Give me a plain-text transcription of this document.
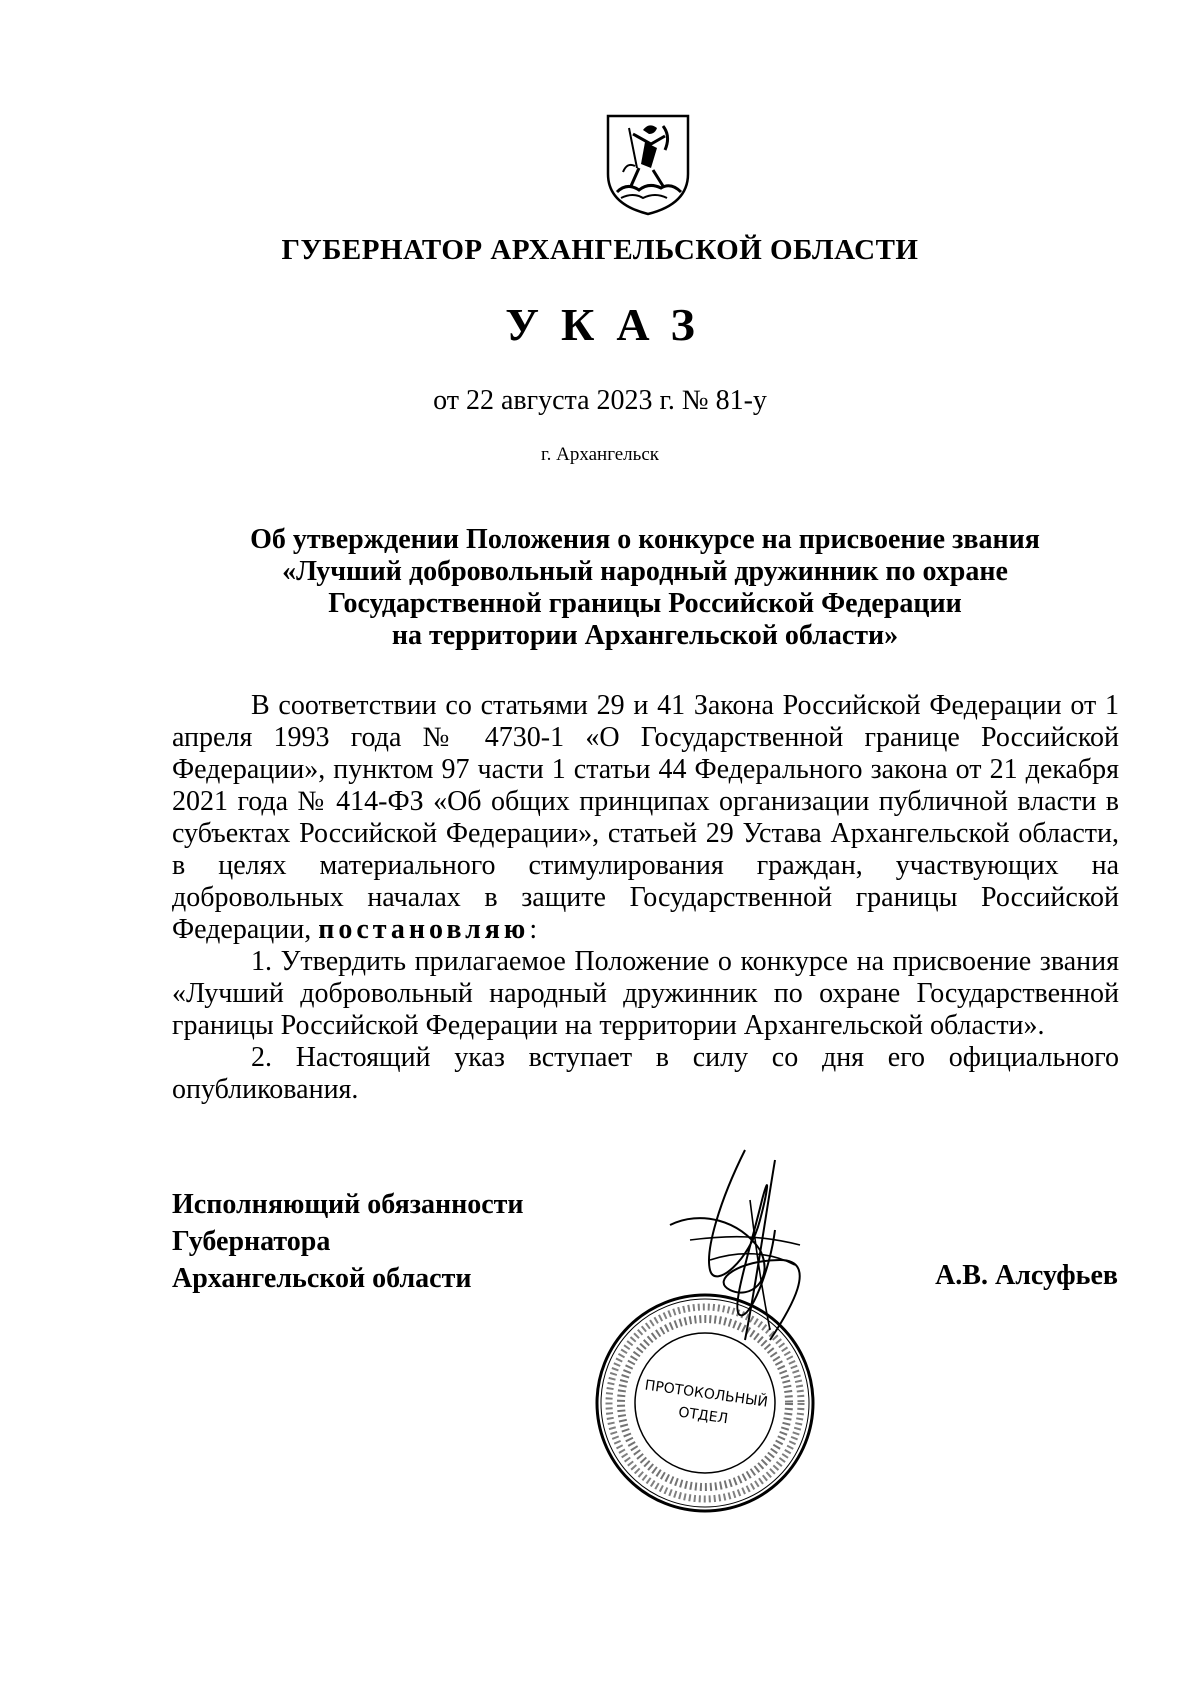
ГУБЕРНАТОР АРХАНГЕЛЬСКОЙ ОБЛАСТИ
УКАЗ
от 22 августа 2023 г. № 81-у
г. Архангельск
Об утверждении Положения о конкурсе на присвоение звания
«Лучший добровольный народный дружинник по охране
Государственной границы Российской Федерации
на территории Архангельской области»

В соответствии со статьями 29 и 41 Закона Российской Федерации от 1 апреля 1993 года № 4730-1 «О Государственной границе Российской Федерации», пунктом 97 части 1 статьи 44 Федерального закона от 21 декабря 2021 года № 414-ФЗ «Об общих принципах организации публичной власти в субъектах Российской Федерации», статьей 29 Устава Архангельской области, в целях материального стимулирования граждан, участвующих на добровольных началах в защите Государственной границы Российской Федерации, постановляю:

1. Утвердить прилагаемое Положение о конкурсе на присвоение звания «Лучший добровольный народный дружинник по охране Государственной границы Российской Федерации на территории Архангельской области».

2. Настоящий указ вступает в силу со дня его официального опубликования.

Исполняющий обязанности
Губернатора
Архангельской области	А.В. Алсуфьев
ПРОТОКОЛЬНЫЙ
ОТДЕЛ
